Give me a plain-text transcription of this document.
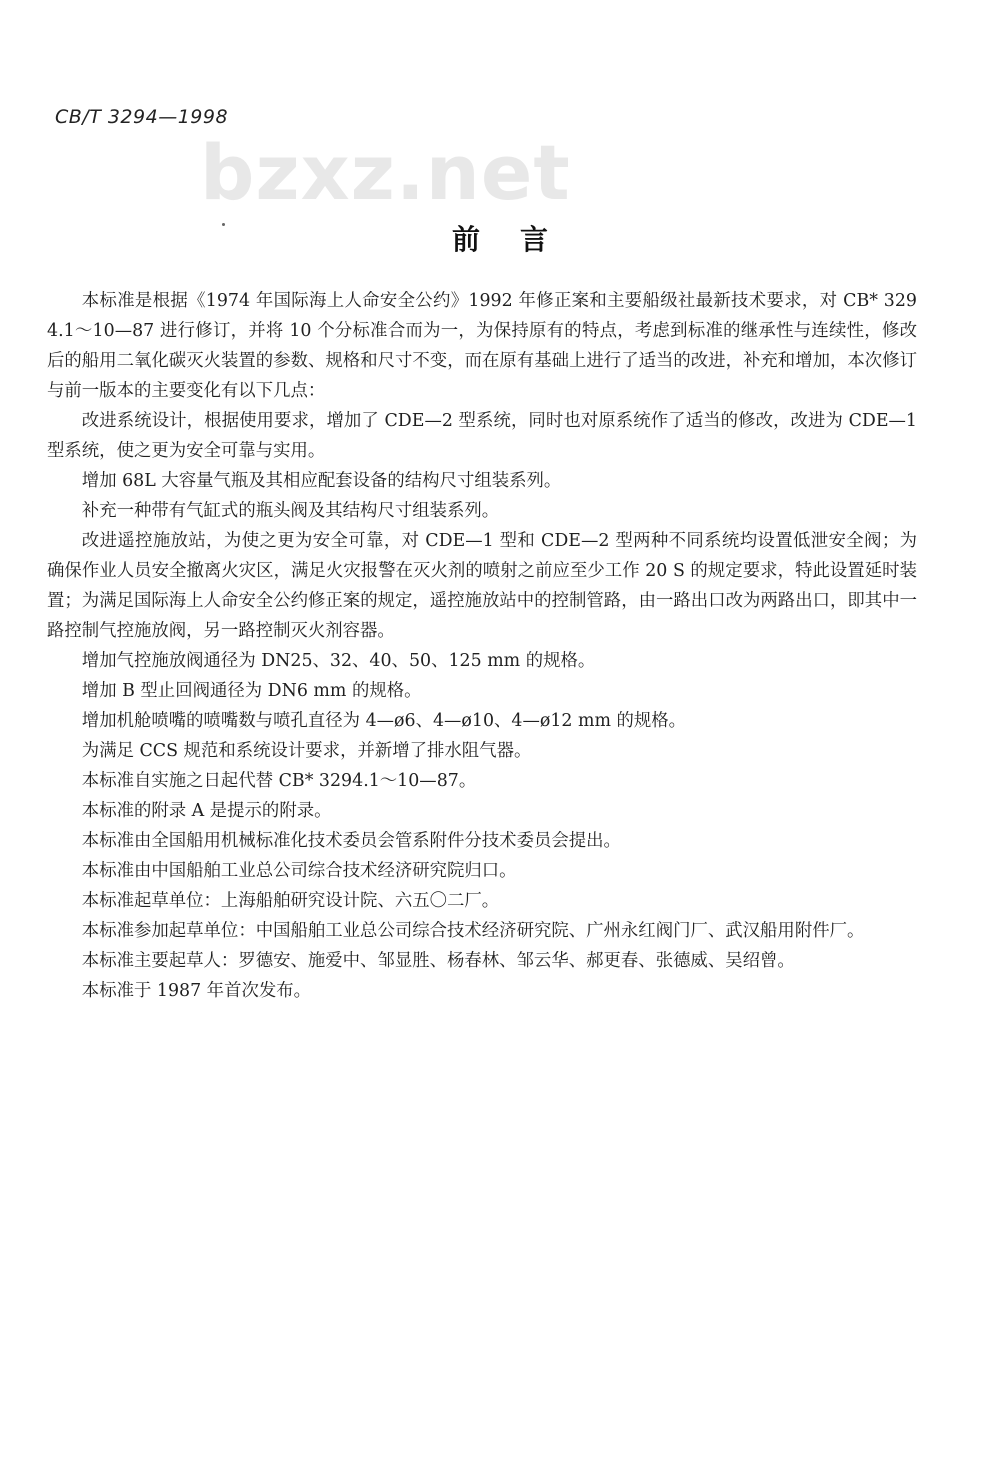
CB/T 3294—1998
bzxz.net
前言

本标准是根据《1974 年国际海上人命安全公约》1992 年修正案和主要船级社最新技术要求，对 CB* 3294.1～10—87 进行修订，并将 10 个分标准合而为一，为保持原有的特点，考虑到标准的继承性与连续性，修改后的船用二氧化碳灭火装置的参数、规格和尺寸不变，而在原有基础上进行了适当的改进，补充和增加，本次修订与前一版本的主要变化有以下几点：

改进系统设计，根据使用要求，增加了 CDE—2 型系统，同时也对原系统作了适当的修改，改进为 CDE—1 型系统，使之更为安全可靠与实用。

增加 68L 大容量气瓶及其相应配套设备的结构尺寸组装系列。

补充一种带有气缸式的瓶头阀及其结构尺寸组装系列。

改进遥控施放站，为使之更为安全可靠，对 CDE—1 型和 CDE—2 型两种不同系统均设置低泄安全阀；为确保作业人员安全撤离火灾区，满足火灾报警在灭火剂的喷射之前应至少工作 20 S 的规定要求，特此设置延时装置；为满足国际海上人命安全公约修正案的规定，遥控施放站中的控制管路，由一路出口改为两路出口，即其中一路控制气控施放阀，另一路控制灭火剂容器。

增加气控施放阀通径为 DN25、32、40、50、125 mm 的规格。

增加 B 型止回阀通径为 DN6 mm 的规格。

增加机舱喷嘴的喷嘴数与喷孔直径为 4—ø6、4—ø10、4—ø12 mm 的规格。

为满足 CCS 规范和系统设计要求，并新增了排水阻气器。

本标准自实施之日起代替 CB* 3294.1～10—87。

本标准的附录 A 是提示的附录。

本标准由全国船用机械标准化技术委员会管系附件分技术委员会提出。

本标准由中国船舶工业总公司综合技术经济研究院归口。

本标准起草单位：上海船舶研究设计院、六五〇二厂。

本标准参加起草单位：中国船舶工业总公司综合技术经济研究院、广州永红阀门厂、武汉船用附件厂。

本标准主要起草人：罗德安、施爱中、邹显胜、杨春林、邹云华、郝更春、张德威、吴绍曾。

本标准于 1987 年首次发布。
